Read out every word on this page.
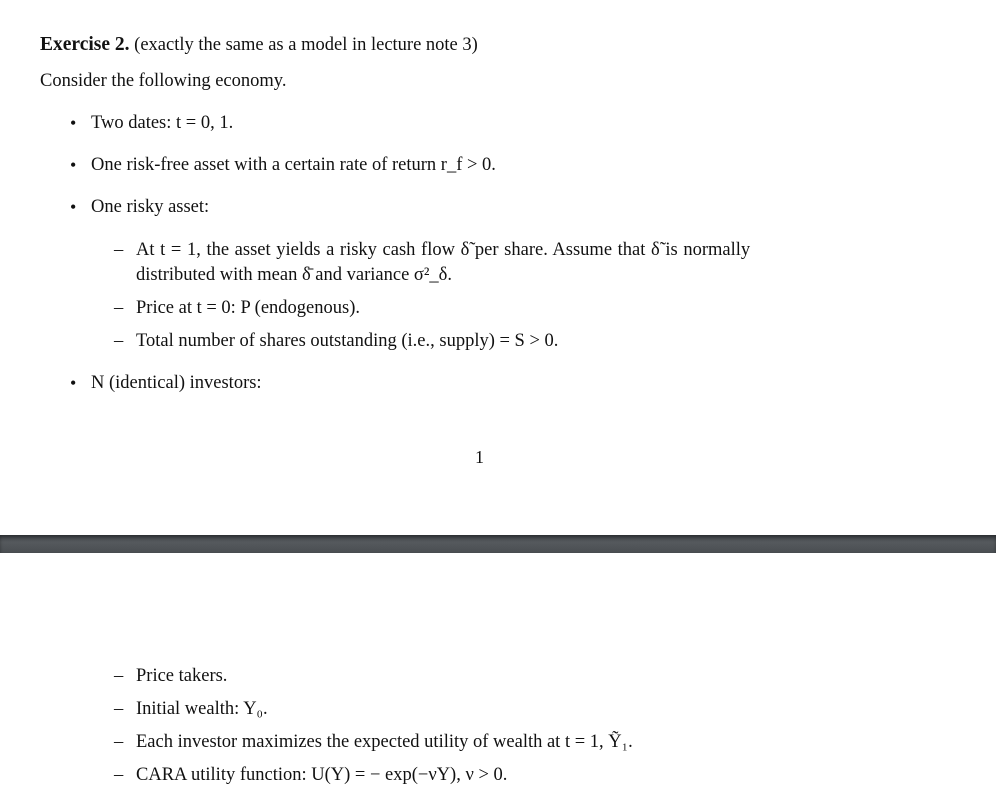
Exercise 2. (exactly the same as a model in lecture note 3)
Consider the following economy.
• Two dates: t = 0, 1.
• One risk-free asset with a certain rate of return r_f > 0.
• One risky asset:
– At t = 1, the asset yields a risky cash flow δ̃ per share. Assume that δ̃ is normally
distributed with mean δ̄ and variance σ²_δ.
– Price at t = 0: P (endogenous).
– Total number of shares outstanding (i.e., supply) = S > 0.
• N (identical) investors:
1
– Price takers.
– Initial wealth: Y₀.
– Each investor maximizes the expected utility of wealth at t = 1, Ỹ₁.
– CARA utility function: U(Y) = − exp(−νY), ν > 0.
